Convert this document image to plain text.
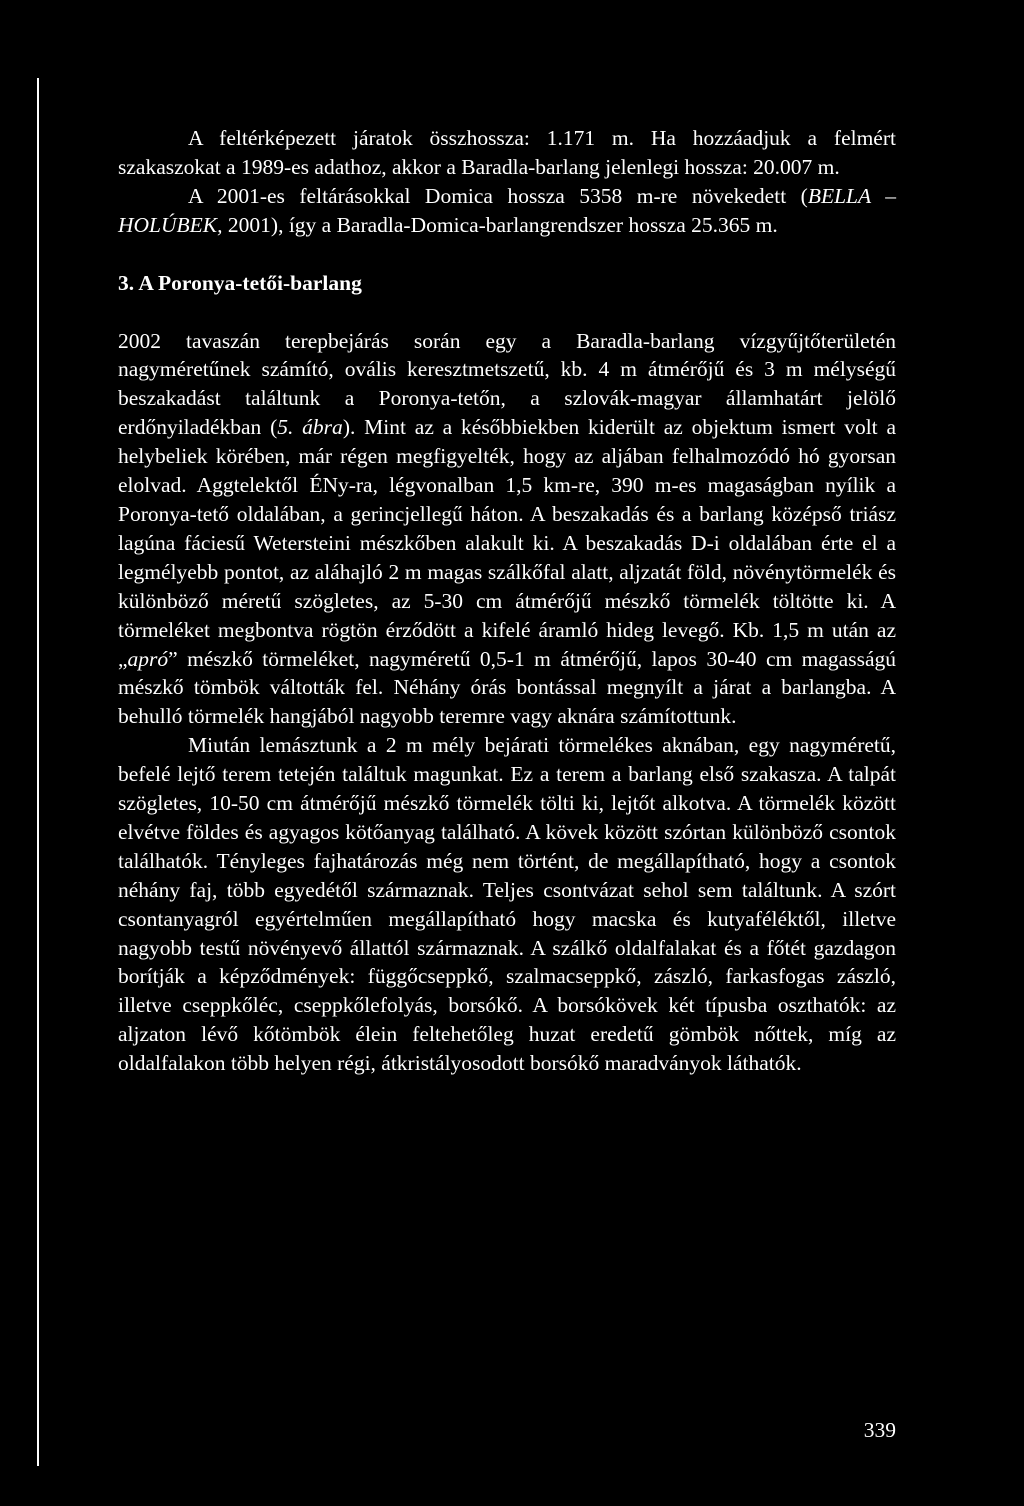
A feltérképezett járatok összhossza: 1.171 m. Ha hozzáadjuk a felmért szakaszokat a 1989-es adathoz, akkor a Baradla-barlang jelenlegi hossza: 20.007 m.

A 2001-es feltárásokkal Domica hossza 5358 m-re növekedett (BELLA –HOLÚBEK, 2001), így a Baradla-Domica-barlangrendszer hossza 25.365 m.

3. A Poronya-tetői-barlang

2002 tavaszán terepbejárás során egy a Baradla-barlang vízgyűjtőterületén nagyméretűnek számító, ovális keresztmetszetű, kb. 4 m átmérőjű és 3 m mélységű beszakadást találtunk a Poronya-tetőn, a szlovák-magyar államhatárt jelölő erdőnyiladékban (5. ábra). Mint az a későbbiekben kiderült az objektum ismert volt a helybeliek körében, már régen megfigyelték, hogy az aljában felhalmozódó hó gyorsan elolvad. Aggtelektől ÉNy-ra, légvonalban 1,5 km-re, 390 m-es magaságban nyílik a Poronya-tető oldalában, a gerincjellegű háton. A beszakadás és a barlang középső triász lagúna fáciesű Wetersteini mészkőben alakult ki. A beszakadás D-i oldalában érte el a legmélyebb pontot, az aláhajló 2 m magas szálkőfal alatt, aljzatát föld, növénytörmelék és különböző méretű szögletes, az 5-30 cm átmérőjű mészkő törmelék töltötte ki. A törmeléket megbontva rögtön érződött a kifelé áramló hideg levegő. Kb. 1,5 m után az „apró” mészkő törmeléket, nagyméretű 0,5-1 m átmérőjű, lapos 30-40 cm magasságú mészkő tömbök váltották fel. Néhány órás bontással megnyílt a járat a barlangba. A behulló törmelék hangjából nagyobb teremre vagy aknára számítottunk.

Miután lemásztunk a 2 m mély bejárati törmelékes aknában, egy nagyméretű, befelé lejtő terem tetején találtuk magunkat. Ez a terem a barlang első szakasza. A talpát szögletes, 10-50 cm átmérőjű mészkő törmelék tölti ki, lejtőt alkotva. A törmelék között elvétve földes és agyagos kötőanyag található. A kövek között szórtan különböző csontok találhatók. Tényleges fajhatározás még nem történt, de megállapítható, hogy a csontok néhány faj, több egyedétől származnak. Teljes csontvázat sehol sem találtunk. A szórt csontanyagról egyértelműen megállapítható hogy macska és kutyaféléktől, illetve nagyobb testű növényevő állattól származnak. A szálkő oldalfalakat és a főtét gazdagon borítják a képződmények: függőcseppkő, szalmacseppkő, zászló, farkasfogas zászló, illetve cseppkőléc, cseppkőlefolyás, borsókő. A borsókövek két típusba oszthatók: az aljzaton lévő kőtömbök élein feltehetőleg huzat eredetű gömbök nőttek, míg az oldalfalakon több helyen régi, átkristályosodott borsókő maradványok láthatók.

339
